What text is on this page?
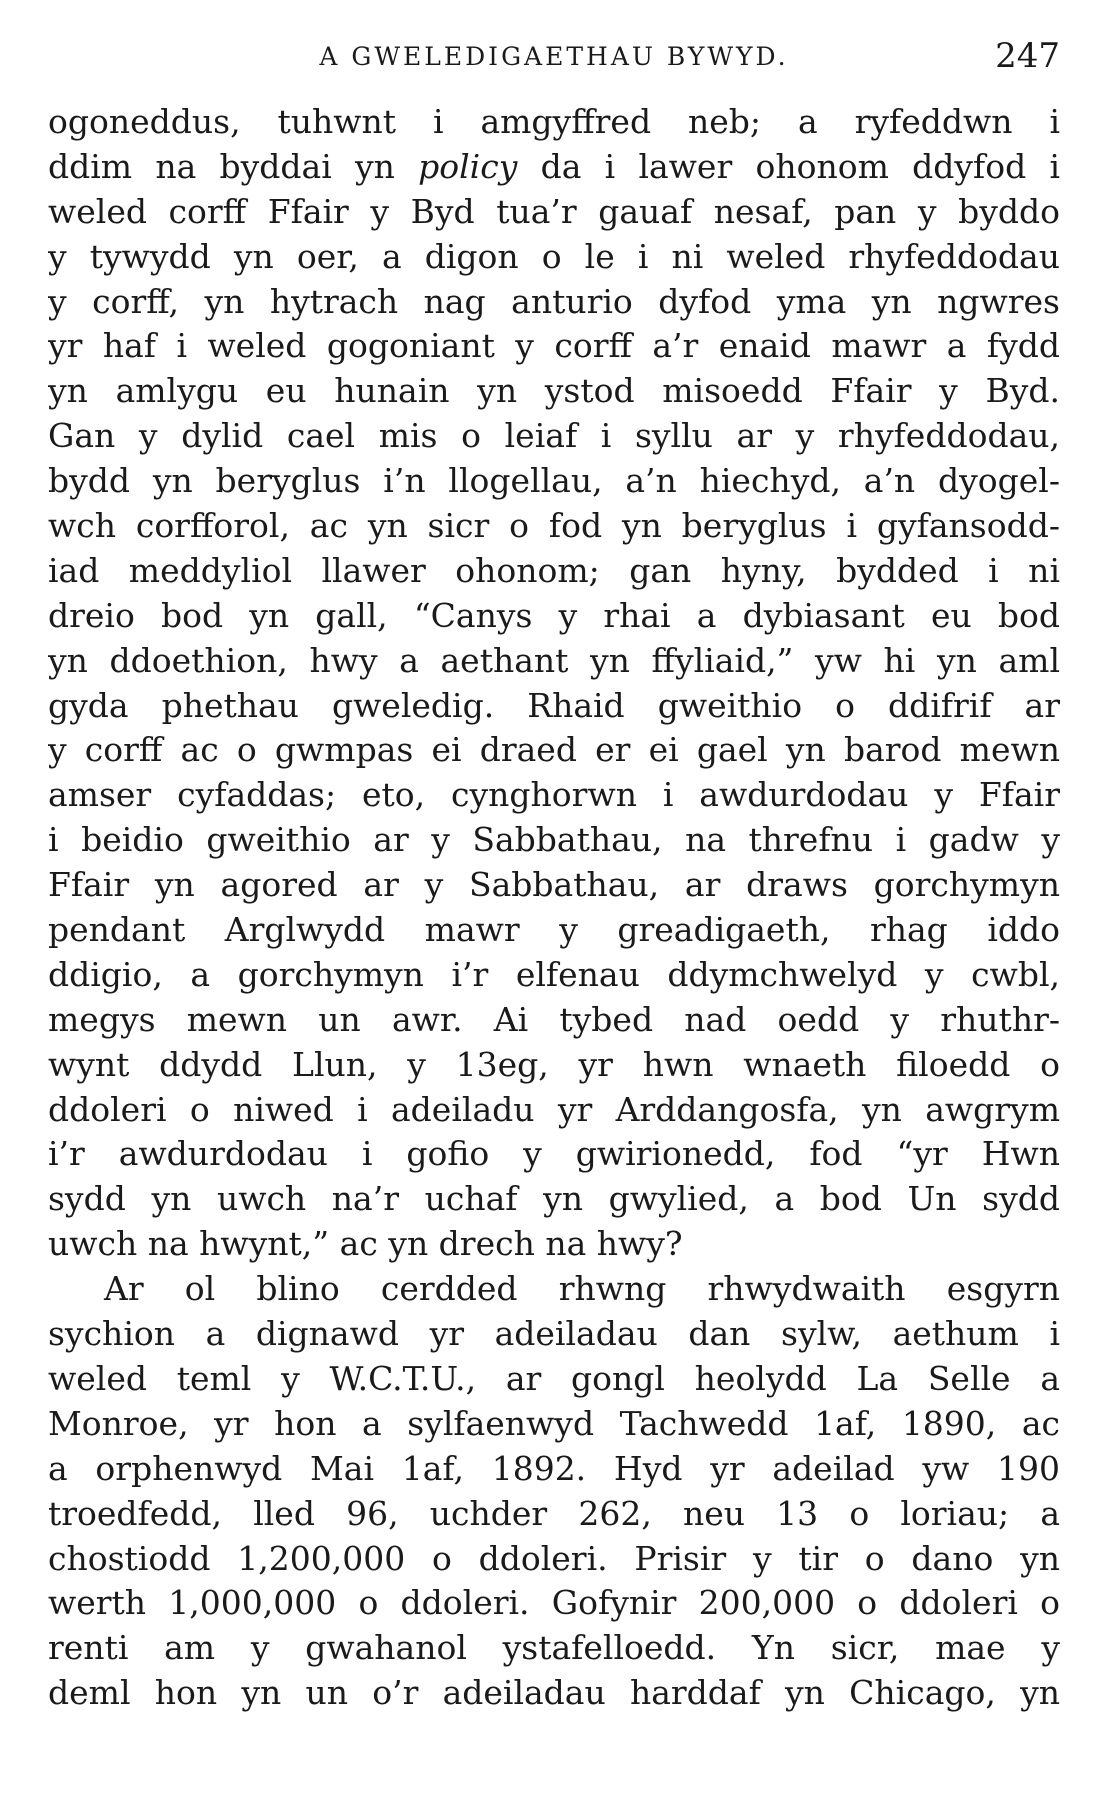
A GWELEDIGAETHAU BYWYD.	247
ogoneddus, tuhwnt i amgyffred neb; a ryfeddwn i
ddim na byddai yn policy da i lawer ohonom ddyfod i
weled corff Ffair y Byd tua’r gauaf nesaf, pan y byddo
y tywydd yn oer, a digon o le i ni weled rhyfeddodau
y corff, yn hytrach nag anturio dyfod yma yn ngwres
yr haf i weled gogoniant y corff a’r enaid mawr a fydd
yn amlygu eu hunain yn ystod misoedd Ffair y Byd.
Gan y dylid cael mis o leiaf i syllu ar y rhyfeddodau,
bydd yn beryglus i’n llogellau, a’n hiechyd, a’n dyogel-
wch corfforol, ac yn sicr o fod yn beryglus i gyfansodd-
iad meddyliol llawer ohonom; gan hyny, bydded i ni
dreio bod yn gall, “Canys y rhai a dybiasant eu bod
yn ddoethion, hwy a aethant yn ffyliaid,” yw hi yn aml
gyda phethau gweledig. Rhaid gweithio o ddifrif ar
y corff ac o gwmpas ei draed er ei gael yn barod mewn
amser cyfaddas; eto, cynghorwn i awdurdodau y Ffair
i beidio gweithio ar y Sabbathau, na threfnu i gadw y
Ffair yn agored ar y Sabbathau, ar draws gorchymyn
pendant Arglwydd mawr y greadigaeth, rhag iddo
ddigio, a gorchymyn i’r elfenau ddymchwelyd y cwbl,
megys mewn un awr. Ai tybed nad oedd y rhuthr-
wynt ddydd Llun, y 13eg, yr hwn wnaeth filoedd o
ddoleri o niwed i adeiladu yr Arddangosfa, yn awgrym
i’r awdurdodau i gofio y gwirionedd, fod “yr Hwn
sydd yn uwch na’r uchaf yn gwylied, a bod Un sydd
uwch na hwynt,” ac yn drech na hwy?
Ar ol blino cerdded rhwng rhwydwaith esgyrn
sychion a dignawd yr adeiladau dan sylw, aethum i
weled teml y W.C.T.U., ar gongl heolydd La Selle a
Monroe, yr hon a sylfaenwyd Tachwedd 1af, 1890, ac
a orphenwyd Mai 1af, 1892. Hyd yr adeilad yw 190
troedfedd, lled 96, uchder 262, neu 13 o loriau; a
chostiodd 1,200,000 o ddoleri. Prisir y tir o dano yn
werth 1,000,000 o ddoleri. Gofynir 200,000 o ddoleri o
renti am y gwahanol ystafelloedd. Yn sicr, mae y
deml hon yn un o’r adeiladau harddaf yn Chicago, yn
